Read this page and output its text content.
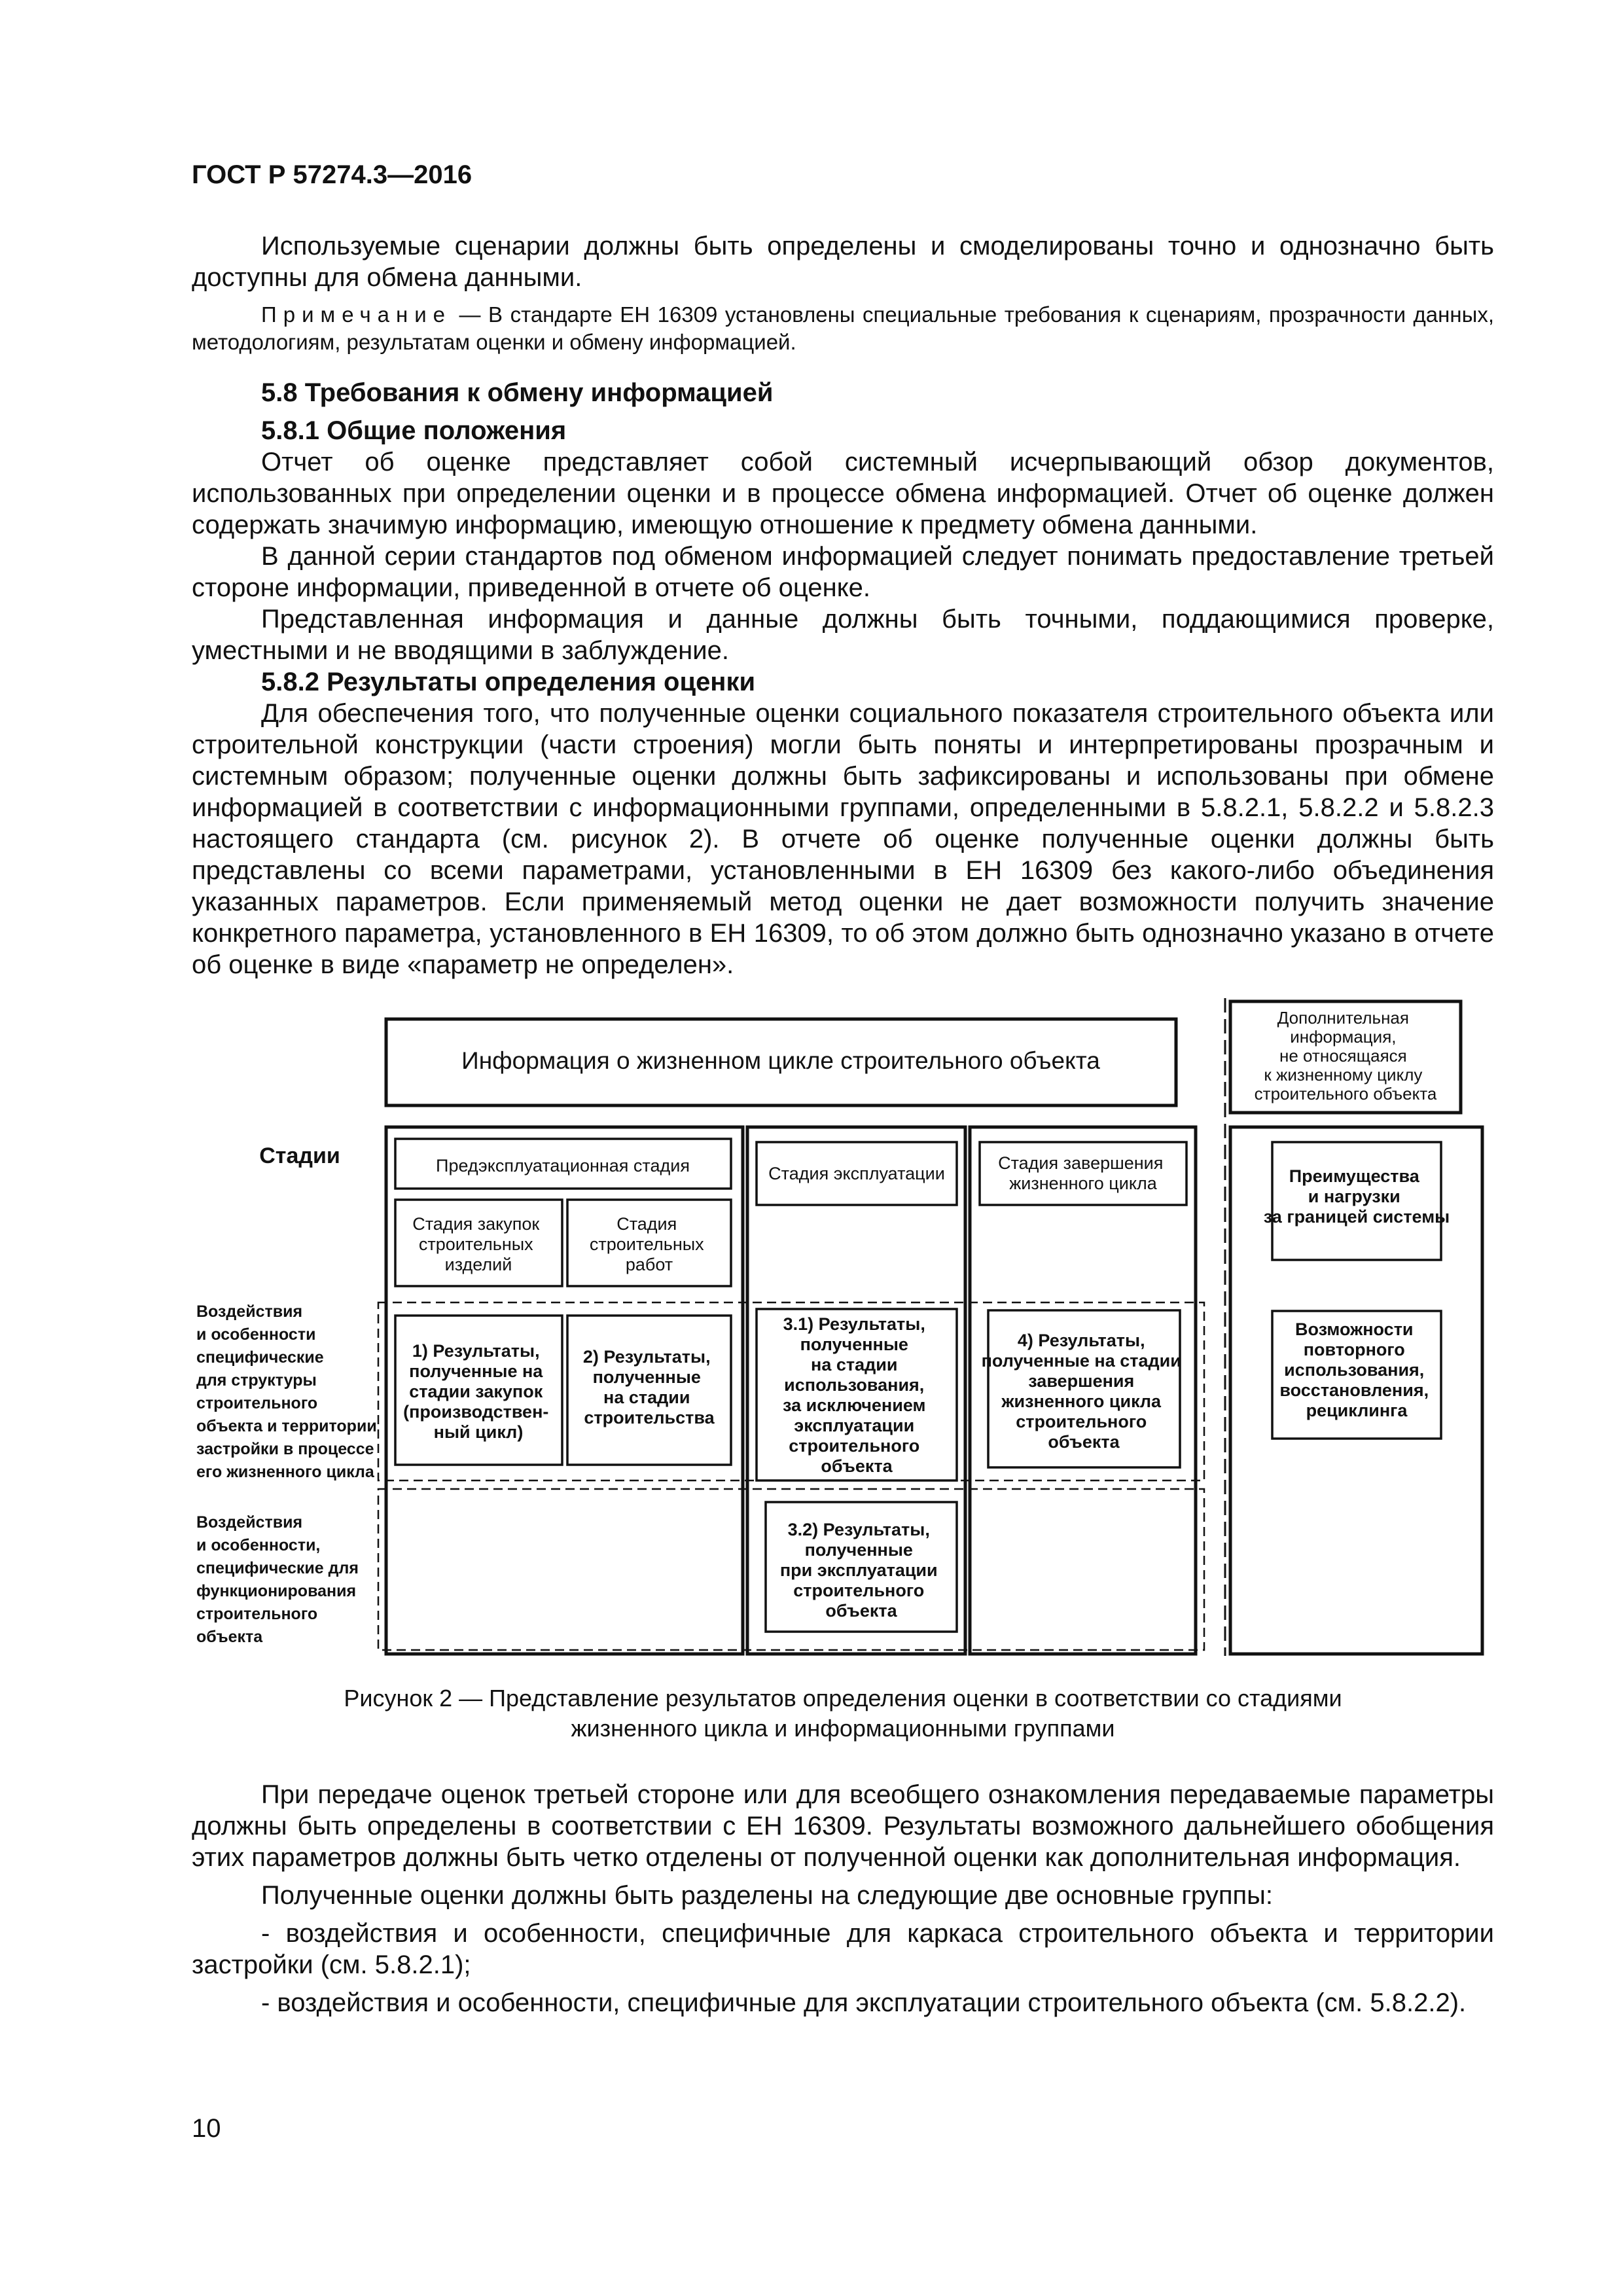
ГОСТ Р 57274.3—2016

Используемые сценарии должны быть определены и смоделированы точно и однозначно быть доступны для обмена данными.

Примечание — В стандарте ЕН 16309 установлены специальные требования к сценариям, прозрачности данных, методологиям, результатам оценки и обмену информацией.

5.8 Требования к обмену информацией

5.8.1 Общие положения

Отчет об оценке представляет собой системный исчерпывающий обзор документов, использованных при определении оценки и в процессе обмена информацией. Отчет об оценке должен содержать значимую информацию, имеющую отношение к предмету обмена данными.

В данной серии стандартов под обменом информацией следует понимать предоставление третьей стороне информации, приведенной в отчете об оценке.

Представленная информация и данные должны быть точными, поддающимися проверке, уместными и не вводящими в заблуждение.

5.8.2 Результаты определения оценки

Для обеспечения того, что полученные оценки социального показателя строительного объекта или строительной конструкции (части строения) могли быть поняты и интерпретированы прозрачным и системным образом; полученные оценки должны быть зафиксированы и использованы при обмене информацией в соответствии с информационными группами, определенными в 5.8.2.1, 5.8.2.2 и 5.8.2.3 настоящего стандарта (см. рисунок 2). В отчете об оценке полученные оценки должны быть представлены со всеми параметрами, установленными в ЕН 16309 без какого-либо объединения указанных параметров. Если применяемый метод оценки не дает возможности получить значение конкретного параметра, установленного в ЕН 16309, то об этом должно быть однозначно указано в отчете об оценке в виде «параметр не определен».

Информация о жизненном цикле строительного объекта
Дополнительная информация, не относящаяся к жизненному циклу строительного объекта
Стадии	Предэксплуатационная стадия	Стадия эксплуатации
Стадия завершения жизненного цикла
Стадия закупок строительных изделий
Стадия строительных работ
Преимущества и нагрузки за границей системы
Воздействия и особенности специфические для структуры строительного объекта и территории застройки в процессе его жизненного цикла
1) Результаты, полученные на стадии закупок (производствен- ный цикл)
2) Результаты, полученные на стадии строительства
3.1) Результаты, полученные на стадии использования, за исключением эксплуатации строительного объекта
4) Результаты, полученные на стадии завершения жизненного цикла строительного объекта
Возможности повторного использования, восстановления, рециклинга
Воздействия и особенности, специфические для функционирования строительного объекта
3.2) Результаты, полученные при эксплуатации строительного объекта
Рисунок 2 — Представление результатов определения оценки в соответствии со стадиями
жизненного цикла и информационными группами

При передаче оценок третьей стороне или для всеобщего ознакомления передаваемые параметры должны быть определены в соответствии с ЕН 16309. Результаты возможного дальнейшего обобщения этих параметров должны быть четко отделены от полученной оценки как дополнительная информация.

Полученные оценки должны быть разделены на следующие две основные группы:

- воздействия и особенности, специфичные для каркаса строительного объекта и территории застройки (см. 5.8.2.1);

- воздействия и особенности, специфичные для эксплуатации строительного объекта (см. 5.8.2.2).

10
